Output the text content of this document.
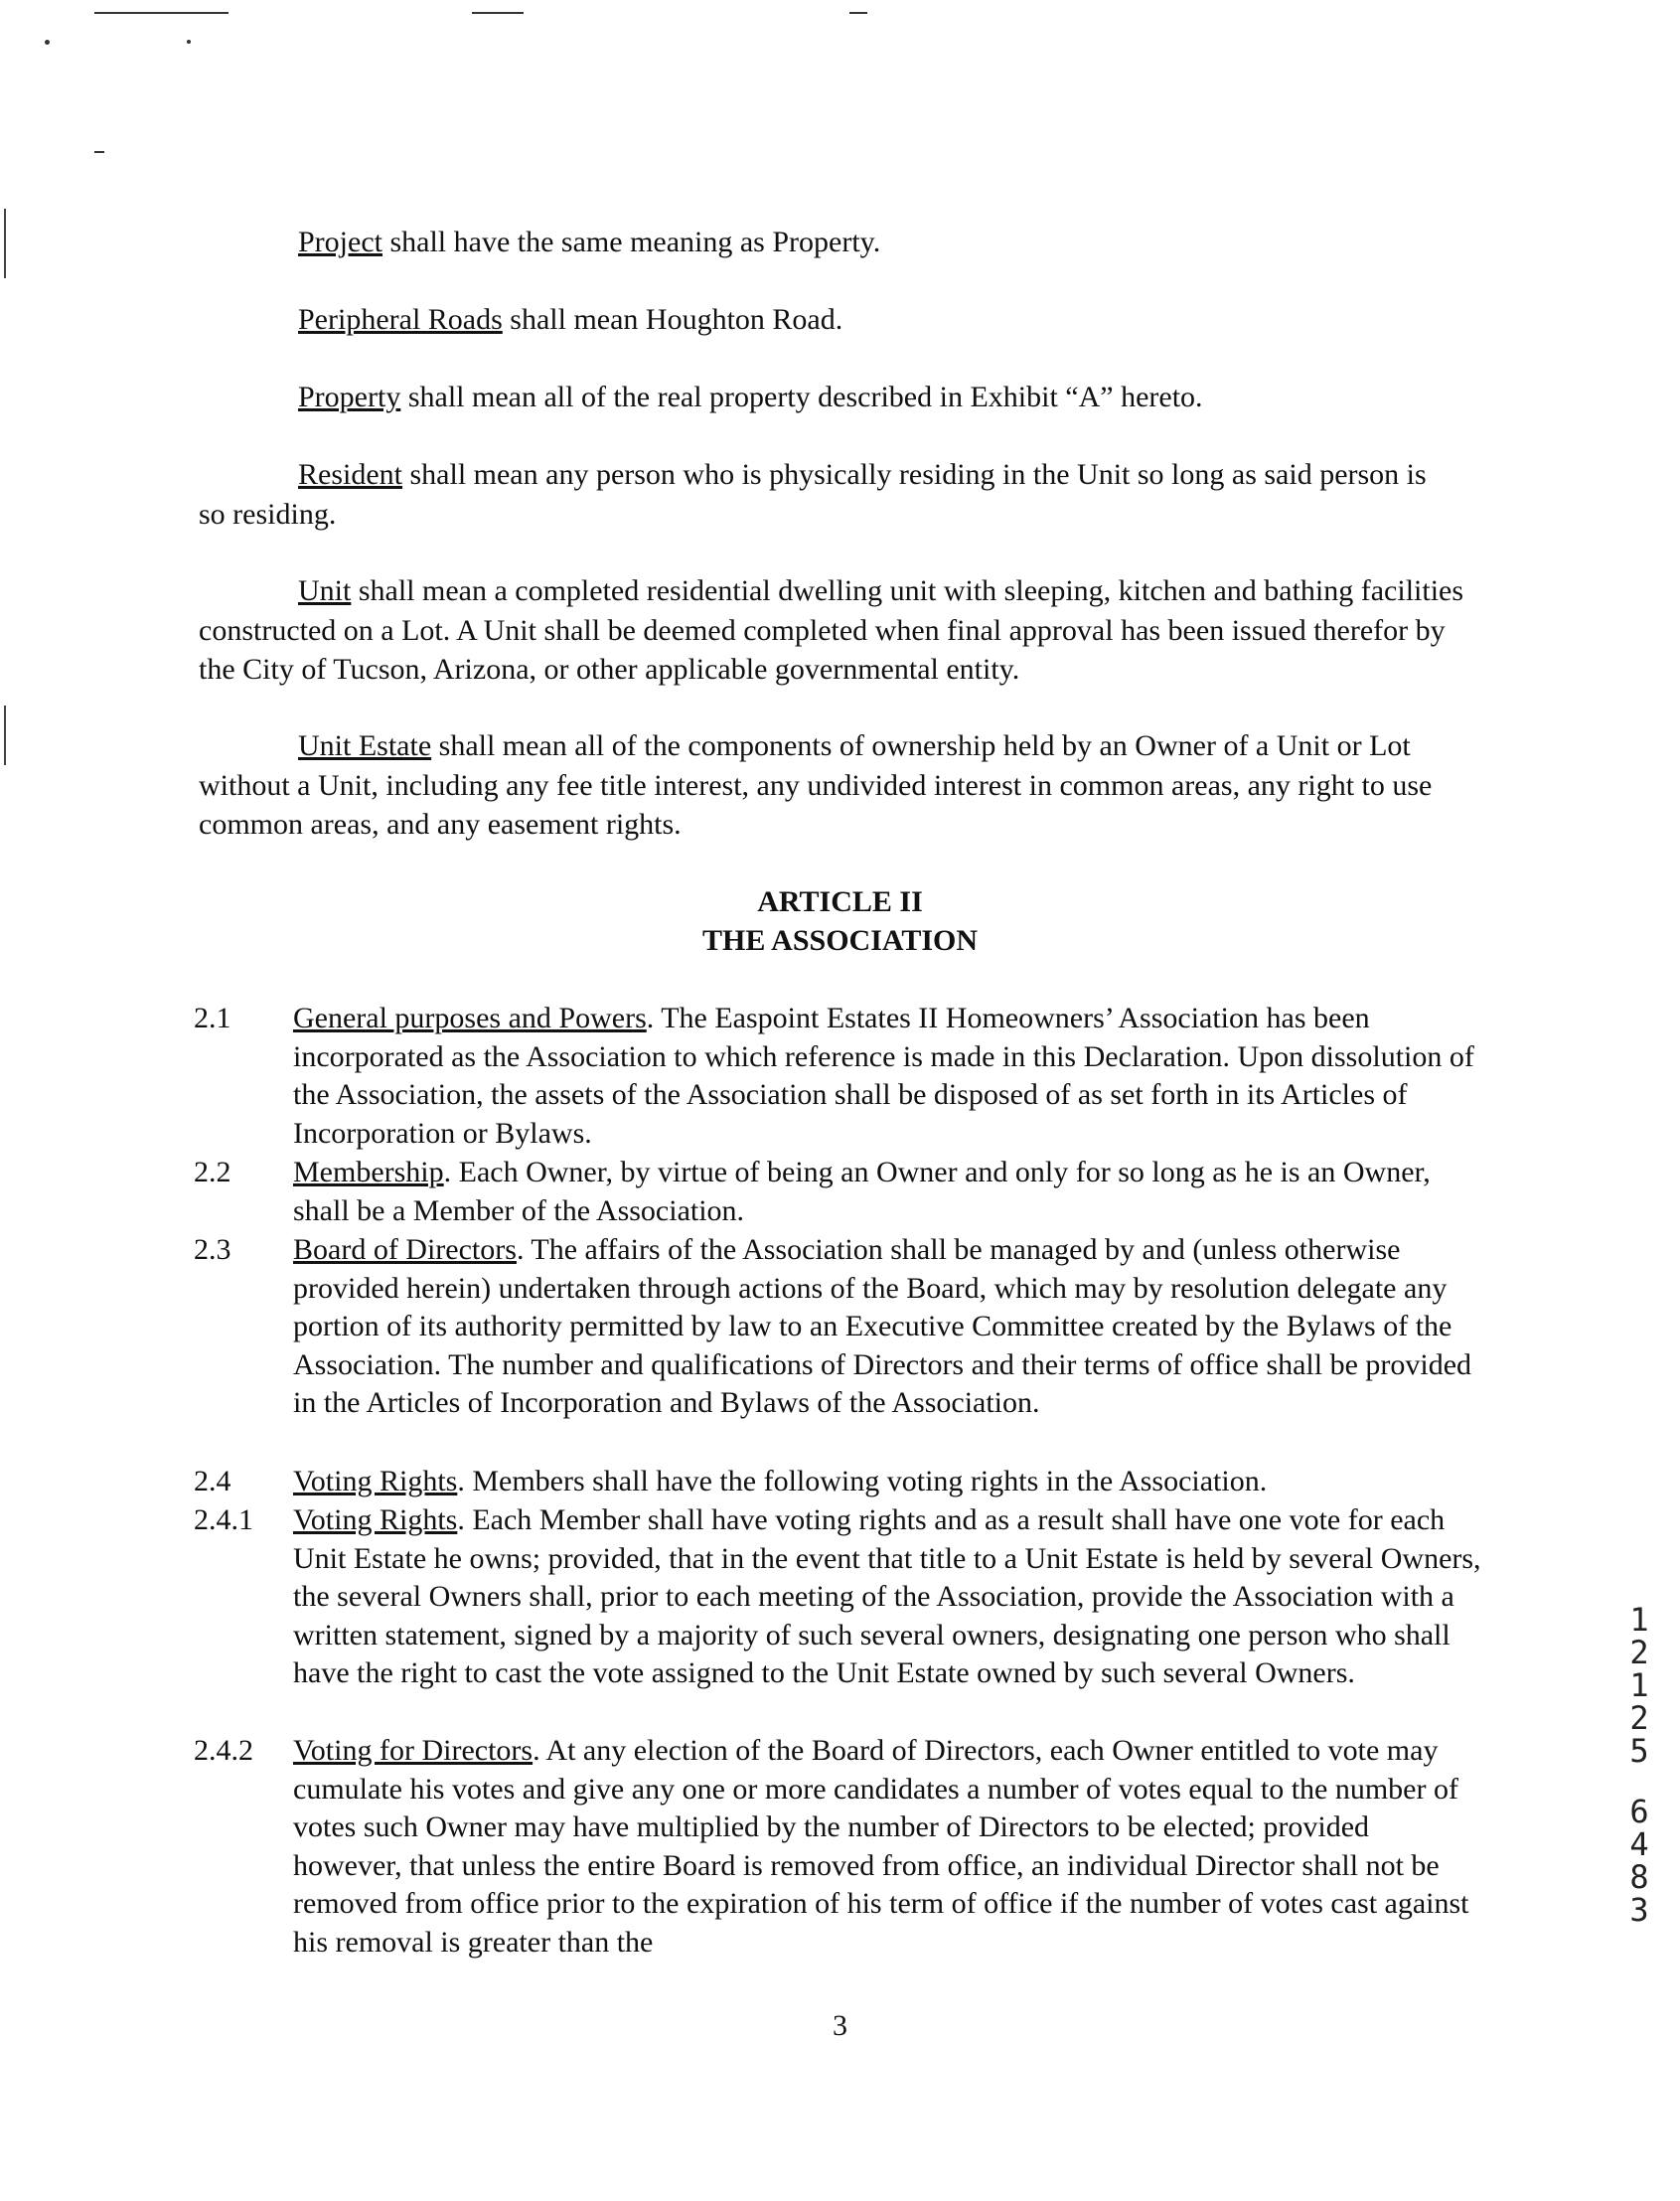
Project shall have the same meaning as Property.

Peripheral Roads shall mean Houghton Road.

Property shall mean all of the real property described in Exhibit “A” hereto.

Resident shall mean any person who is physically residing in the Unit so long as said person is so residing.

Unit shall mean a completed residential dwelling unit with sleeping, kitchen and bathing facilities constructed on a Lot. A Unit shall be deemed completed when final approval has been issued therefor by the City of Tucson, Arizona, or other applicable governmental entity.

Unit Estate shall mean all of the components of ownership held by an Owner of a Unit or Lot without a Unit, including any fee title interest, any undivided interest in common areas, any right to use common areas, and any easement rights.

ARTICLE II
THE ASSOCIATION
2.1 General purposes and Powers. The Easpoint Estates II Homeowners’ Association has been incorporated as the Association to which reference is made in this Declaration. Upon dissolution of the Association, the assets of the Association shall be disposed of as set forth in its Articles of Incorporation or Bylaws.
2.2 Membership. Each Owner, by virtue of being an Owner and only for so long as he is an Owner, shall be a Member of the Association.
2.3 Board of Directors. The affairs of the Association shall be managed by and (unless otherwise provided herein) undertaken through actions of the Board, which may by resolution delegate any portion of its authority permitted by law to an Executive Committee created by the Bylaws of the Association. The number and qualifications of Directors and their terms of office shall be provided in the Articles of Incorporation and Bylaws of the Association.
2.4 Voting Rights. Members shall have the following voting rights in the Association.
2.4.1 Voting Rights. Each Member shall have voting rights and as a result shall have one vote for each Unit Estate he owns; provided, that in the event that title to a Unit Estate is held by several Owners, the several Owners shall, prior to each meeting of the Association, provide the Association with a written statement, signed by a majority of such several owners, designating one person who shall have the right to cast the vote assigned to the Unit Estate owned by such several Owners.
2.4.2 Voting for Directors. At any election of the Board of Directors, each Owner entitled to vote may cumulate his votes and give any one or more candidates a number of votes equal to the number of votes such Owner may have multiplied by the number of Directors to be elected; provided however, that unless the entire Board is removed from office, an individual Director shall not be removed from office prior to the expiration of his term of office if the number of votes cast against his removal is greater than the
3
1
2
1
2
5
6
4
8
3
